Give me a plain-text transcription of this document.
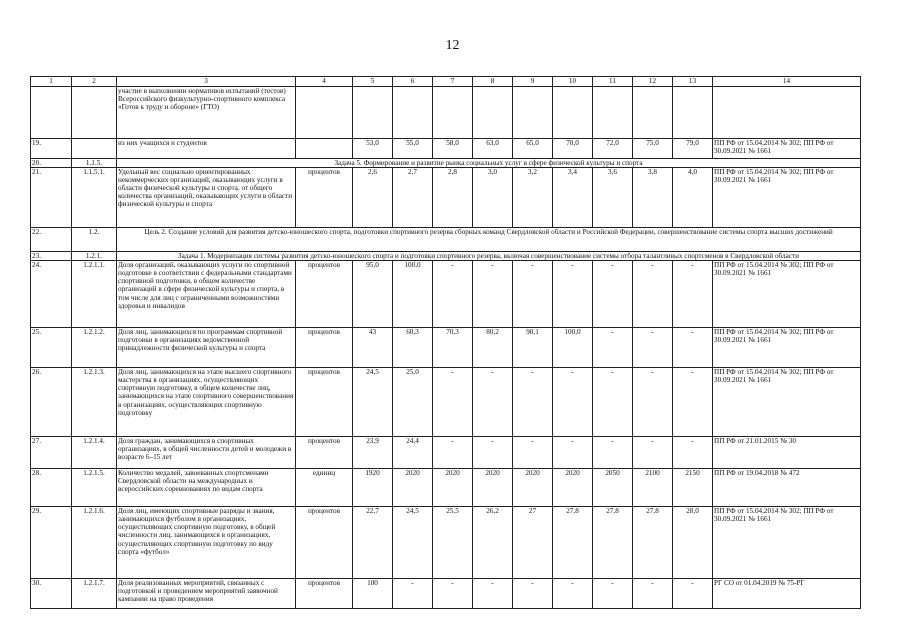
12
1	2	3	4	5	6	7	8	9	10	11	12	13	14
		участие в выполнении нормативов испытаний (тестов) Всероссийского физкультурно-спортивного комплекса «Готов к труду и обороне» (ГТО)											
19.		из них учащихся и студентов		53,0	55,0	58,0	63,0	65,0	70,0	72,0	75,0	79,0	ПП РФ от 15.04.2014 № 302; ПП РФ от 30.09.2021 № 1661
20.	1.1.5.	Задача 5. Формирование и развитие рынка социальных услуг в сфере физической культуры и спорта											
21.	1.1.5.1.	Удельный вес социально ориентированных некоммерческих организаций, оказывающих услуги в области физической культуры и спорта, от общего количества организаций, оказывающих услуги в области физической культуры и спорта	процентов	2,6	2,7	2,8	3,0	3,2	3,4	3,6	3,8	4,0	ПП РФ от 15.04.2014 № 302; ПП РФ от 30.09.2021 № 1661
22.	1.2.	Цель 2. Создание условий для развития детско-юношеского спорта, подготовки спортивного резерва сборных команд Свердловской области и Российской Федерации, совершенствование системы спорта высших достижений											
23.	1.2.1.	Задача 1. Модернизация системы развития детско-юношеского спорта и подготовки спортивного резерва, включая совершенствование системы отбора талантливых спортсменов в Свердловской области											
24.	1.2.1.1.	Доля организаций, оказывающих услуги по спортивной подготовке в соответствии с федеральными стандартами спортивной подготовки, в общем количестве организаций в сфере физической культуры и спорта, в том числе для лиц с ограниченными возможностями здоровья и инвалидов	процентов	95,0	100,0	-	-	-	-	-	-	-	ПП РФ от 15.04.2014 № 302; ПП РФ от 30.09.2021 № 1661
25.	1.2.1.2.	Доля лиц, занимающихся по программам спортивной подготовки в организациях ведомственной принадлежности физической культуры и спорта	процентов	43	60,3	70,3	80,2	90,1	100,0	-	-	-	ПП РФ от 15.04.2014 № 302; ПП РФ от 30.09.2021 № 1661
26.	1.2.1.3.	Доля лиц, занимающихся на этапе высшего спортивного мастерства в организациях, осуществляющих спортивную подготовку, в общем количестве лиц, занимающихся на этапе спортивного совершенствования в организациях, осуществляющих спортивную подготовку	процентов	24,5	25,0	-	-	-	-	-	-	-	ПП РФ от 15.04.2014 № 302; ПП РФ от 30.09.2021 № 1661
27.	1.2.1.4.	Доля граждан, занимающихся в спортивных организациях, в общей численности детей и молодежи в возрасте 6–15 лет	процентов	23,9	24,4	-	-	-	-	-	-	-	ПП РФ от 21.01.2015 № 30
28.	1.2.1.5.	Количество медалей, завоеванных спортсменами Свердловской области на международных и всероссийских соревнованиях по видам спорта	единиц	1920	2020	2020	2020	2020	2020	2050	2100	2150	ПП РФ от 19.04.2018 № 472
29.	1.2.1.6.	Доля лиц, имеющих спортивные разряды и звания, занимающихся футболом в организациях, осуществляющих спортивную подготовку, в общей численности лиц, занимающихся в организациях, осуществляющих спортивную подготовку по виду спорта «футбол»	процентов	22,7	24,5	25,5	26,2	27	27,8	27,8	27,8	28,0	ПП РФ от 15.04.2014 № 302; ПП РФ от 30.09.2021 № 1661
30.	1.2.1.7.	Доля реализованных мероприятий, связанных с подготовкой и проведением мероприятий заявочной кампании на право проведения	процентов	100	-	-	-	-	-	-	-	-	РГ СО от 01.04.2019 № 75-РГ
